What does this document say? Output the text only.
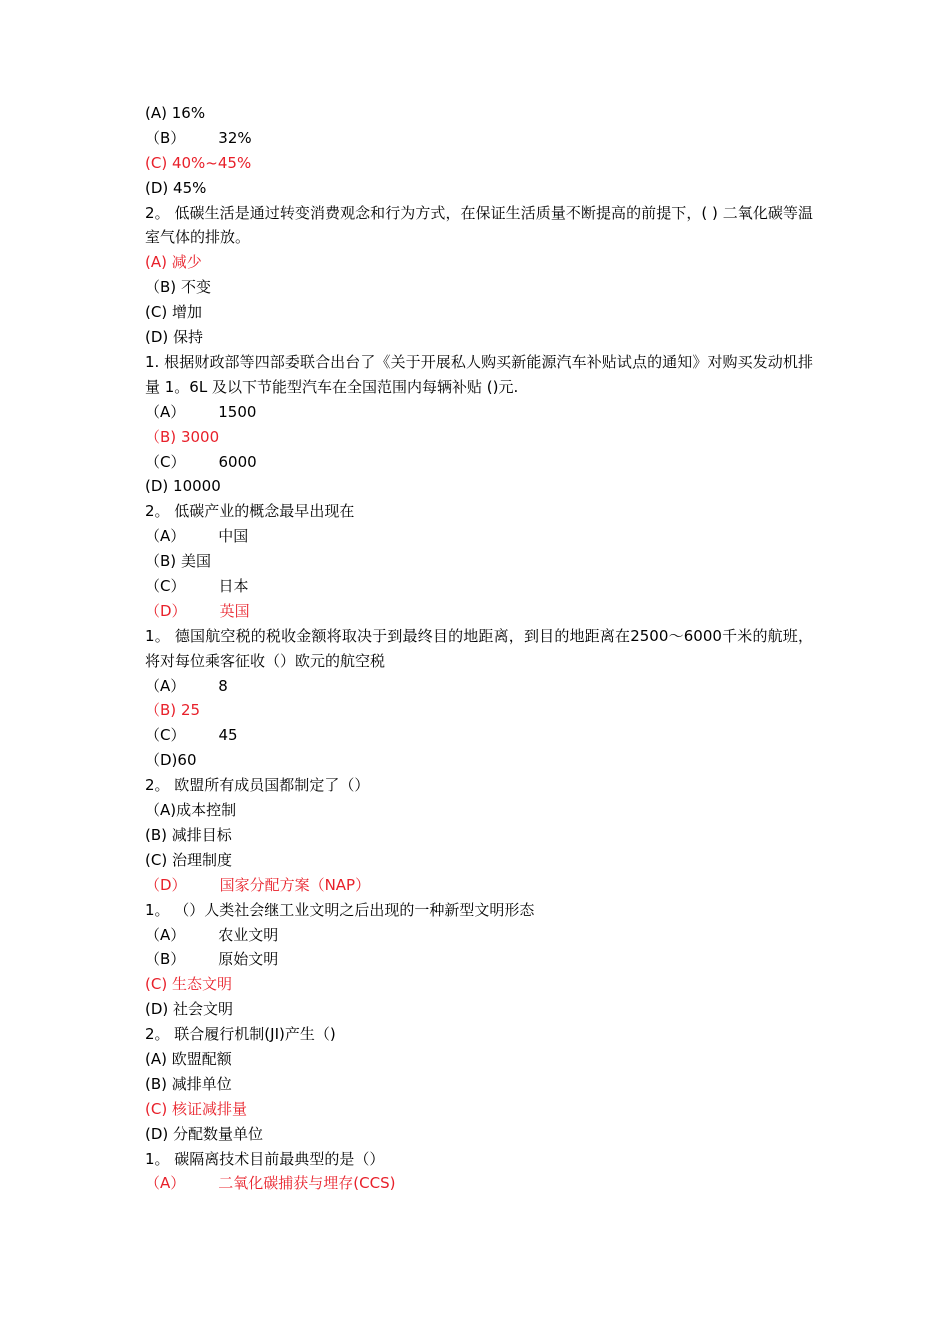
(A) 16%
（B） 32%
(C) 40%~45%
(D) 45%
2。 低碳生活是通过转变消费观念和行为方式，在保证生活质量不断提高的前提下，( ) 二氧化碳等温室气体的排放。
(A) 减少
（B) 不变
(C) 增加
(D) 保持
1. 根据财政部等四部委联合出台了《关于开展私人购买新能源汽车补贴试点的通知》对购买发动机排量 1。6L 及以下节能型汽车在全国范围内每辆补贴 ()元.
（A） 1500
（B) 3000
（C） 6000
(D) 10000
2。 低碳产业的概念最早出现在
（A） 中国
（B) 美国
（C） 日本
（D） 英国
1。 德国航空税的税收金额将取决于到最终目的地距离，到目的地距离在2500～6000千米的航班，将对每位乘客征收（）欧元的航空税
（A） 8
（B) 25
（C） 45
（D)60
2。 欧盟所有成员国都制定了（）
（A)成本控制
(B) 减排目标
(C) 治理制度
（D） 国家分配方案（NAP）
1。 （）人类社会继工业文明之后出现的一种新型文明形态
（A） 农业文明
（B） 原始文明
(C) 生态文明
(D) 社会文明
2。 联合履行机制(JI)产生（)
(A) 欧盟配额
(B) 减排单位
(C) 核证减排量
(D) 分配数量单位
1。 碳隔离技术目前最典型的是（）
（A） 二氧化碳捕获与埋存(CCS)
